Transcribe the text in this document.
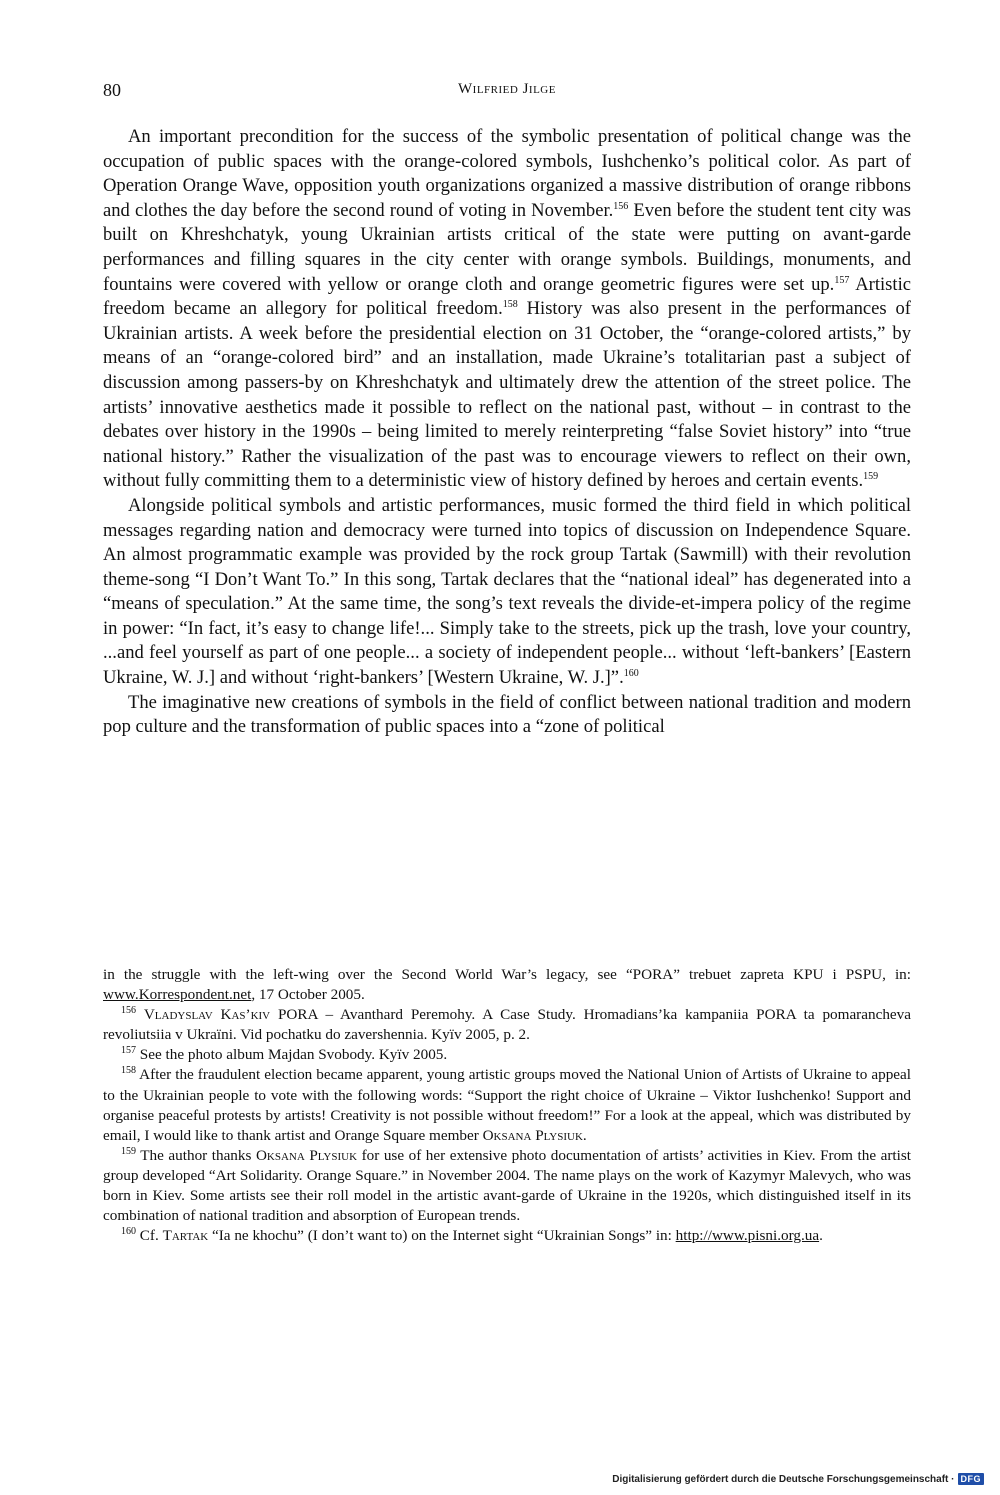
80	Wilfried Jilge

An important precondition for the success of the symbolic presentation of political change was the occupation of public spaces with the orange-colored symbols, Iushchenko’s political color. As part of Operation Orange Wave, opposition youth organizations organized a massive distribution of orange ribbons and clothes the day before the second round of voting in November.$^{156}$ Even before the student tent city was built on Khreshchatyk, young Ukrainian artists critical of the state were putting on avant-garde performances and filling squares in the city center with orange symbols. Buildings, monuments, and fountains were covered with yellow or orange cloth and orange geometric figures were set up.$^{157}$ Artistic freedom became an allegory for political freedom.$^{158}$ History was also present in the performances of Ukrainian artists. A week before the presidential election on 31 October, the “orange-colored artists,” by means of an “orange-colored bird” and an installation, made Ukraine’s totalitarian past a subject of discussion among passers-by on Khreshchatyk and ultimately drew the attention of the street police. The artists’ innovative aesthetics made it possible to reflect on the national past, without – in contrast to the debates over history in the 1990s – being limited to merely reinterpreting “false Soviet history” into “true national history.” Rather the visualization of the past was to encourage viewers to reflect on their own, without fully committing them to a deterministic view of history defined by heroes and certain events.$^{159}$

Alongside political symbols and artistic performances, music formed the third field in which political messages regarding nation and democracy were turned into topics of discussion on Independence Square. An almost programmatic example was provided by the rock group Tartak (Sawmill) with their revolution theme-song “I Don’t Want To.” In this song, Tartak declares that the “national ideal” has degenerated into a “means of speculation.” At the same time, the song’s text reveals the divide-et-impera policy of the regime in power: “In fact, it’s easy to change life!... Simply take to the streets, pick up the trash, love your country, ...and feel yourself as part of one people... a society of independent people... without ‘left-bankers’ [Eastern Ukraine, W. J.] and without ‘right-bankers’ [Western Ukraine, W. J.]”.$^{160}$

The imaginative new creations of symbols in the field of conflict between national tradition and modern pop culture and the transformation of public spaces into a “zone of political

in the struggle with the left-wing over the Second World War’s legacy, see “PORA” trebuet zapreta KPU i PSPU, in: www.Korrespondent.net, 17 October 2005.

$^{156}$ Vladyslav Kas’kiv PORA – Avanthard Peremohy. A Case Study. Hromadians’ka kampaniia PORA ta pomarancheva revoliutsiia v Ukraïni. Vid pochatku do zavershennia. Kyïv 2005, p. 2.

$^{157}$ See the photo album Majdan Svobody. Kyïv 2005.

$^{158}$ After the fraudulent election became apparent, young artistic groups moved the National Union of Artists of Ukraine to appeal to the Ukrainian people to vote with the following words: “Support the right choice of Ukraine – Viktor Iushchenko! Support and organise peaceful protests by artists! Creativity is not possible without freedom!” For a look at the appeal, which was distributed by email, I would like to thank artist and Orange Square member Oksana Plysiuk.

$^{159}$ The author thanks Oksana Plysiuk for use of her extensive photo documentation of artists’ activities in Kiev. From the artist group developed “Art Solidarity. Orange Square.” in November 2004. The name plays on the work of Kazymyr Malevych, who was born in Kiev. Some artists see their roll model in the artistic avant-garde of Ukraine in the 1920s, which distinguished itself in its combination of national tradition and absorption of European trends.

$^{160}$ Cf. Tartak “Ia ne khochu” (I don’t want to) on the Internet sight “Ukrainian Songs” in: http://www.pisni.org.ua.

Digitalisierung gefördert durch die Deutsche Forschungsgemeinschaft · DFG
